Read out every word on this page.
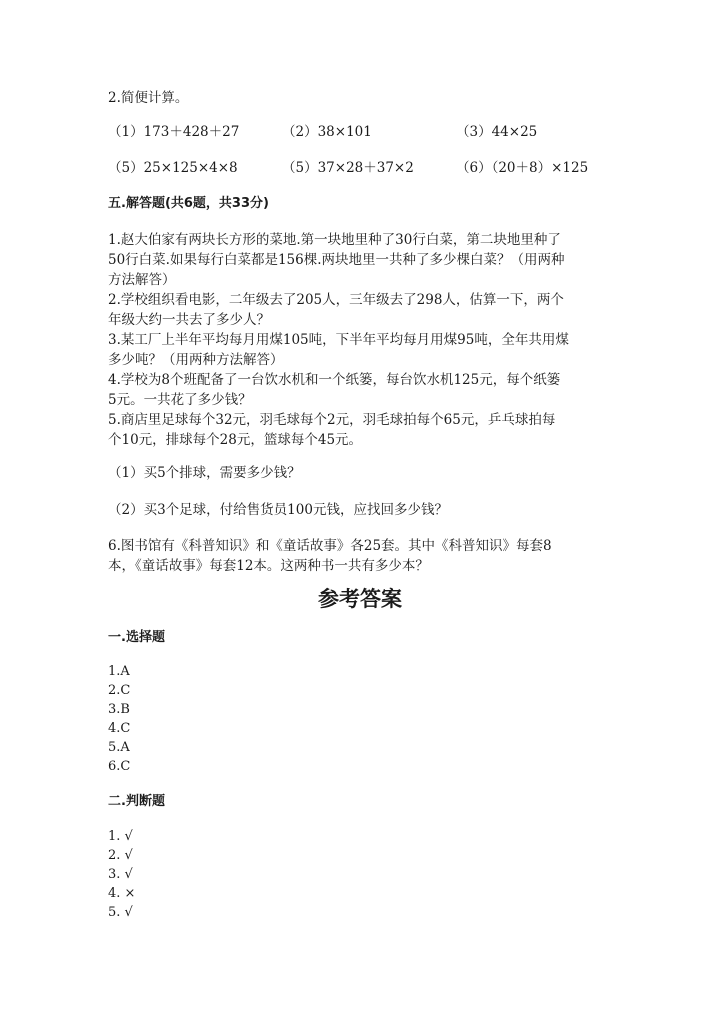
2.简便计算。
（1）173＋428＋27	（2）38×101	（3）44×25
（5）25×125×4×8	（5）37×28＋37×2	（6）（20＋8）×125
五.解答题(共6题，共33分)
1.赵大伯家有两块长方形的菜地.第一块地里种了30行白菜，第二块地里种了
50行白菜.如果每行白菜都是156棵.两块地里一共种了多少棵白菜？（用两种
方法解答）
2.学校组织看电影，二年级去了205人，三年级去了298人，估算一下，两个
年级大约一共去了多少人？
3.某工厂上半年平均每月用煤105吨，下半年平均每月用煤95吨，全年共用煤
多少吨？（用两种方法解答）
4.学校为8个班配备了一台饮水机和一个纸篓，每台饮水机125元，每个纸篓
5元。一共花了多少钱？
5.商店里足球每个32元，羽毛球每个2元，羽毛球拍每个65元，乒乓球拍每
个10元，排球每个28元，篮球每个45元。
（1）买5个排球，需要多少钱？
（2）买3个足球，付给售货员100元钱，应找回多少钱？
6.图书馆有《科普知识》和《童话故事》各25套。其中《科普知识》每套8
本，《童话故事》每套12本。这两种书一共有多少本？
参考答案
一.选择题
1.A
2.C
3.B
4.C
5.A
6.C
二.判断题
1. √
2. √
3. √
4. ×
5. √
